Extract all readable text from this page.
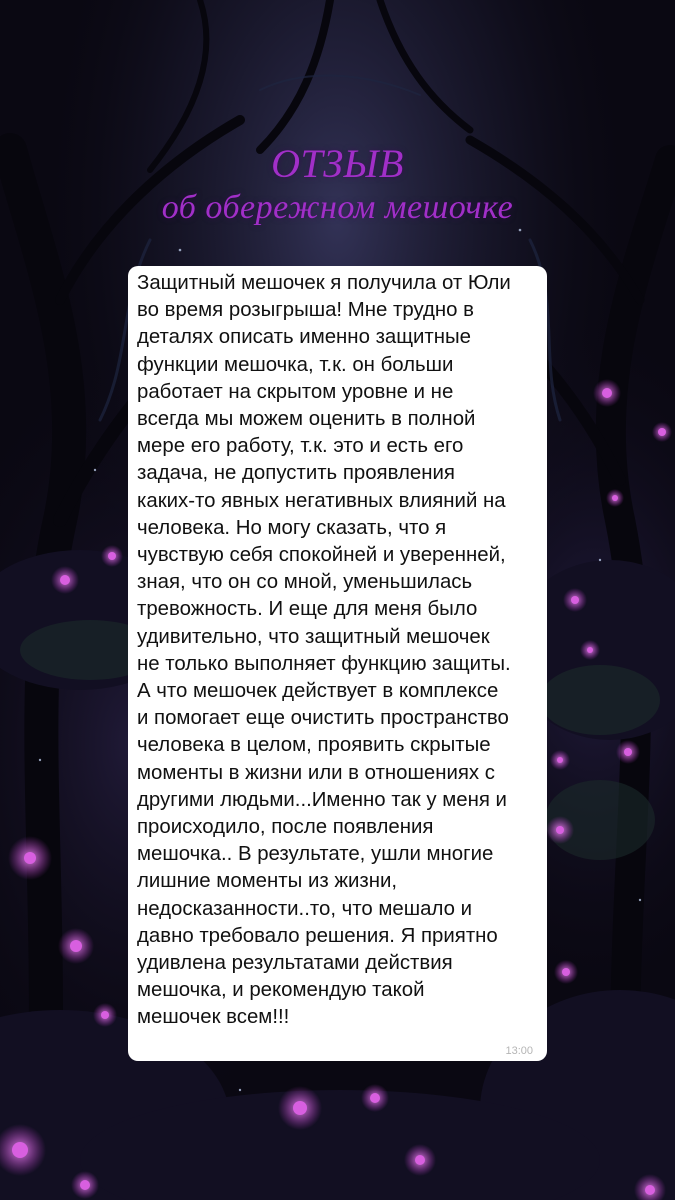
ОТЗЫВ
об обережном мешочке
Защитный мешочек я получила от Юли
во время розыгрыша! Мне трудно в
деталях описать именно защитные
функции мешочка, т.к. он больши
работает на скрытом уровне и не
всегда мы можем оценить в полной
мере его работу, т.к. это и есть его
задача, не допустить проявления
каких-то явных негативных влияний на
человека. Но могу сказать, что я
чувствую себя спокойней и уверенней,
зная, что он со мной, уменьшилась
тревожность. И еще для меня было
удивительно, что защитный мешочек
не только выполняет функцию защиты.
А что мешочек действует в комплексе
и помогает еще очистить пространство
человека в целом, проявить скрытые
моменты в жизни или в отношениях с
другими людьми...Именно так у меня и
происходило, после появления
мешочка.. В результате, ушли многие
лишние моменты из жизни,
недосказанности..то, что мешало и
давно требовало решения. Я приятно
удивлена результатами действия
мешочка, и рекомендую такой
мешочек всем!!!
13:00
